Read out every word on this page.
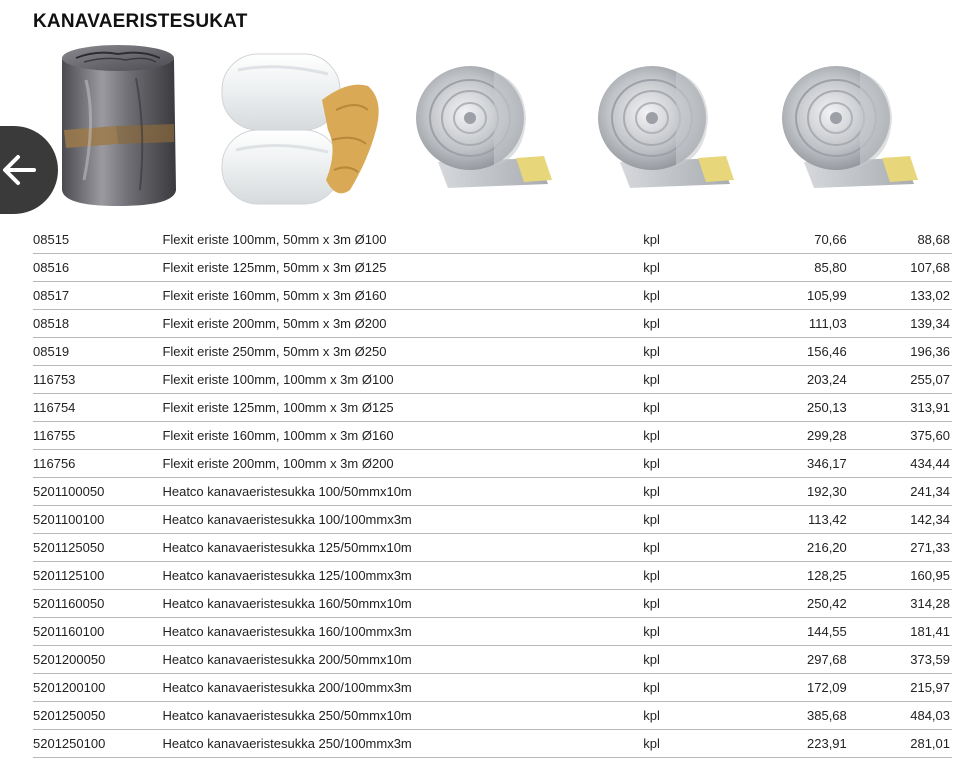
KANAVAERISTESUKAT
08515	Flexit eriste 100mm, 50mm x 3m Ø100	kpl	70,66	88,68
08516	Flexit eriste 125mm, 50mm x 3m Ø125	kpl	85,80	107,68
08517	Flexit eriste 160mm, 50mm x 3m Ø160	kpl	105,99	133,02
08518	Flexit eriste 200mm, 50mm x 3m Ø200	kpl	111,03	139,34
08519	Flexit eriste 250mm, 50mm x 3m Ø250	kpl	156,46	196,36
116753	Flexit eriste 100mm, 100mm x 3m Ø100	kpl	203,24	255,07
116754	Flexit eriste 125mm, 100mm x 3m Ø125	kpl	250,13	313,91
116755	Flexit eriste 160mm, 100mm x 3m Ø160	kpl	299,28	375,60
116756	Flexit eriste 200mm, 100mm x 3m Ø200	kpl	346,17	434,44
5201100050	Heatco kanavaeristesukka 100/50mmx10m	kpl	192,30	241,34
5201100100	Heatco kanavaeristesukka 100/100mmx3m	kpl	113,42	142,34
5201125050	Heatco kanavaeristesukka 125/50mmx10m	kpl	216,20	271,33
5201125100	Heatco kanavaeristesukka 125/100mmx3m	kpl	128,25	160,95
5201160050	Heatco kanavaeristesukka 160/50mmx10m	kpl	250,42	314,28
5201160100	Heatco kanavaeristesukka 160/100mmx3m	kpl	144,55	181,41
5201200050	Heatco kanavaeristesukka 200/50mmx10m	kpl	297,68	373,59
5201200100	Heatco kanavaeristesukka 200/100mmx3m	kpl	172,09	215,97
5201250050	Heatco kanavaeristesukka 250/50mmx10m	kpl	385,68	484,03
5201250100	Heatco kanavaeristesukka 250/100mmx3m	kpl	223,91	281,01
